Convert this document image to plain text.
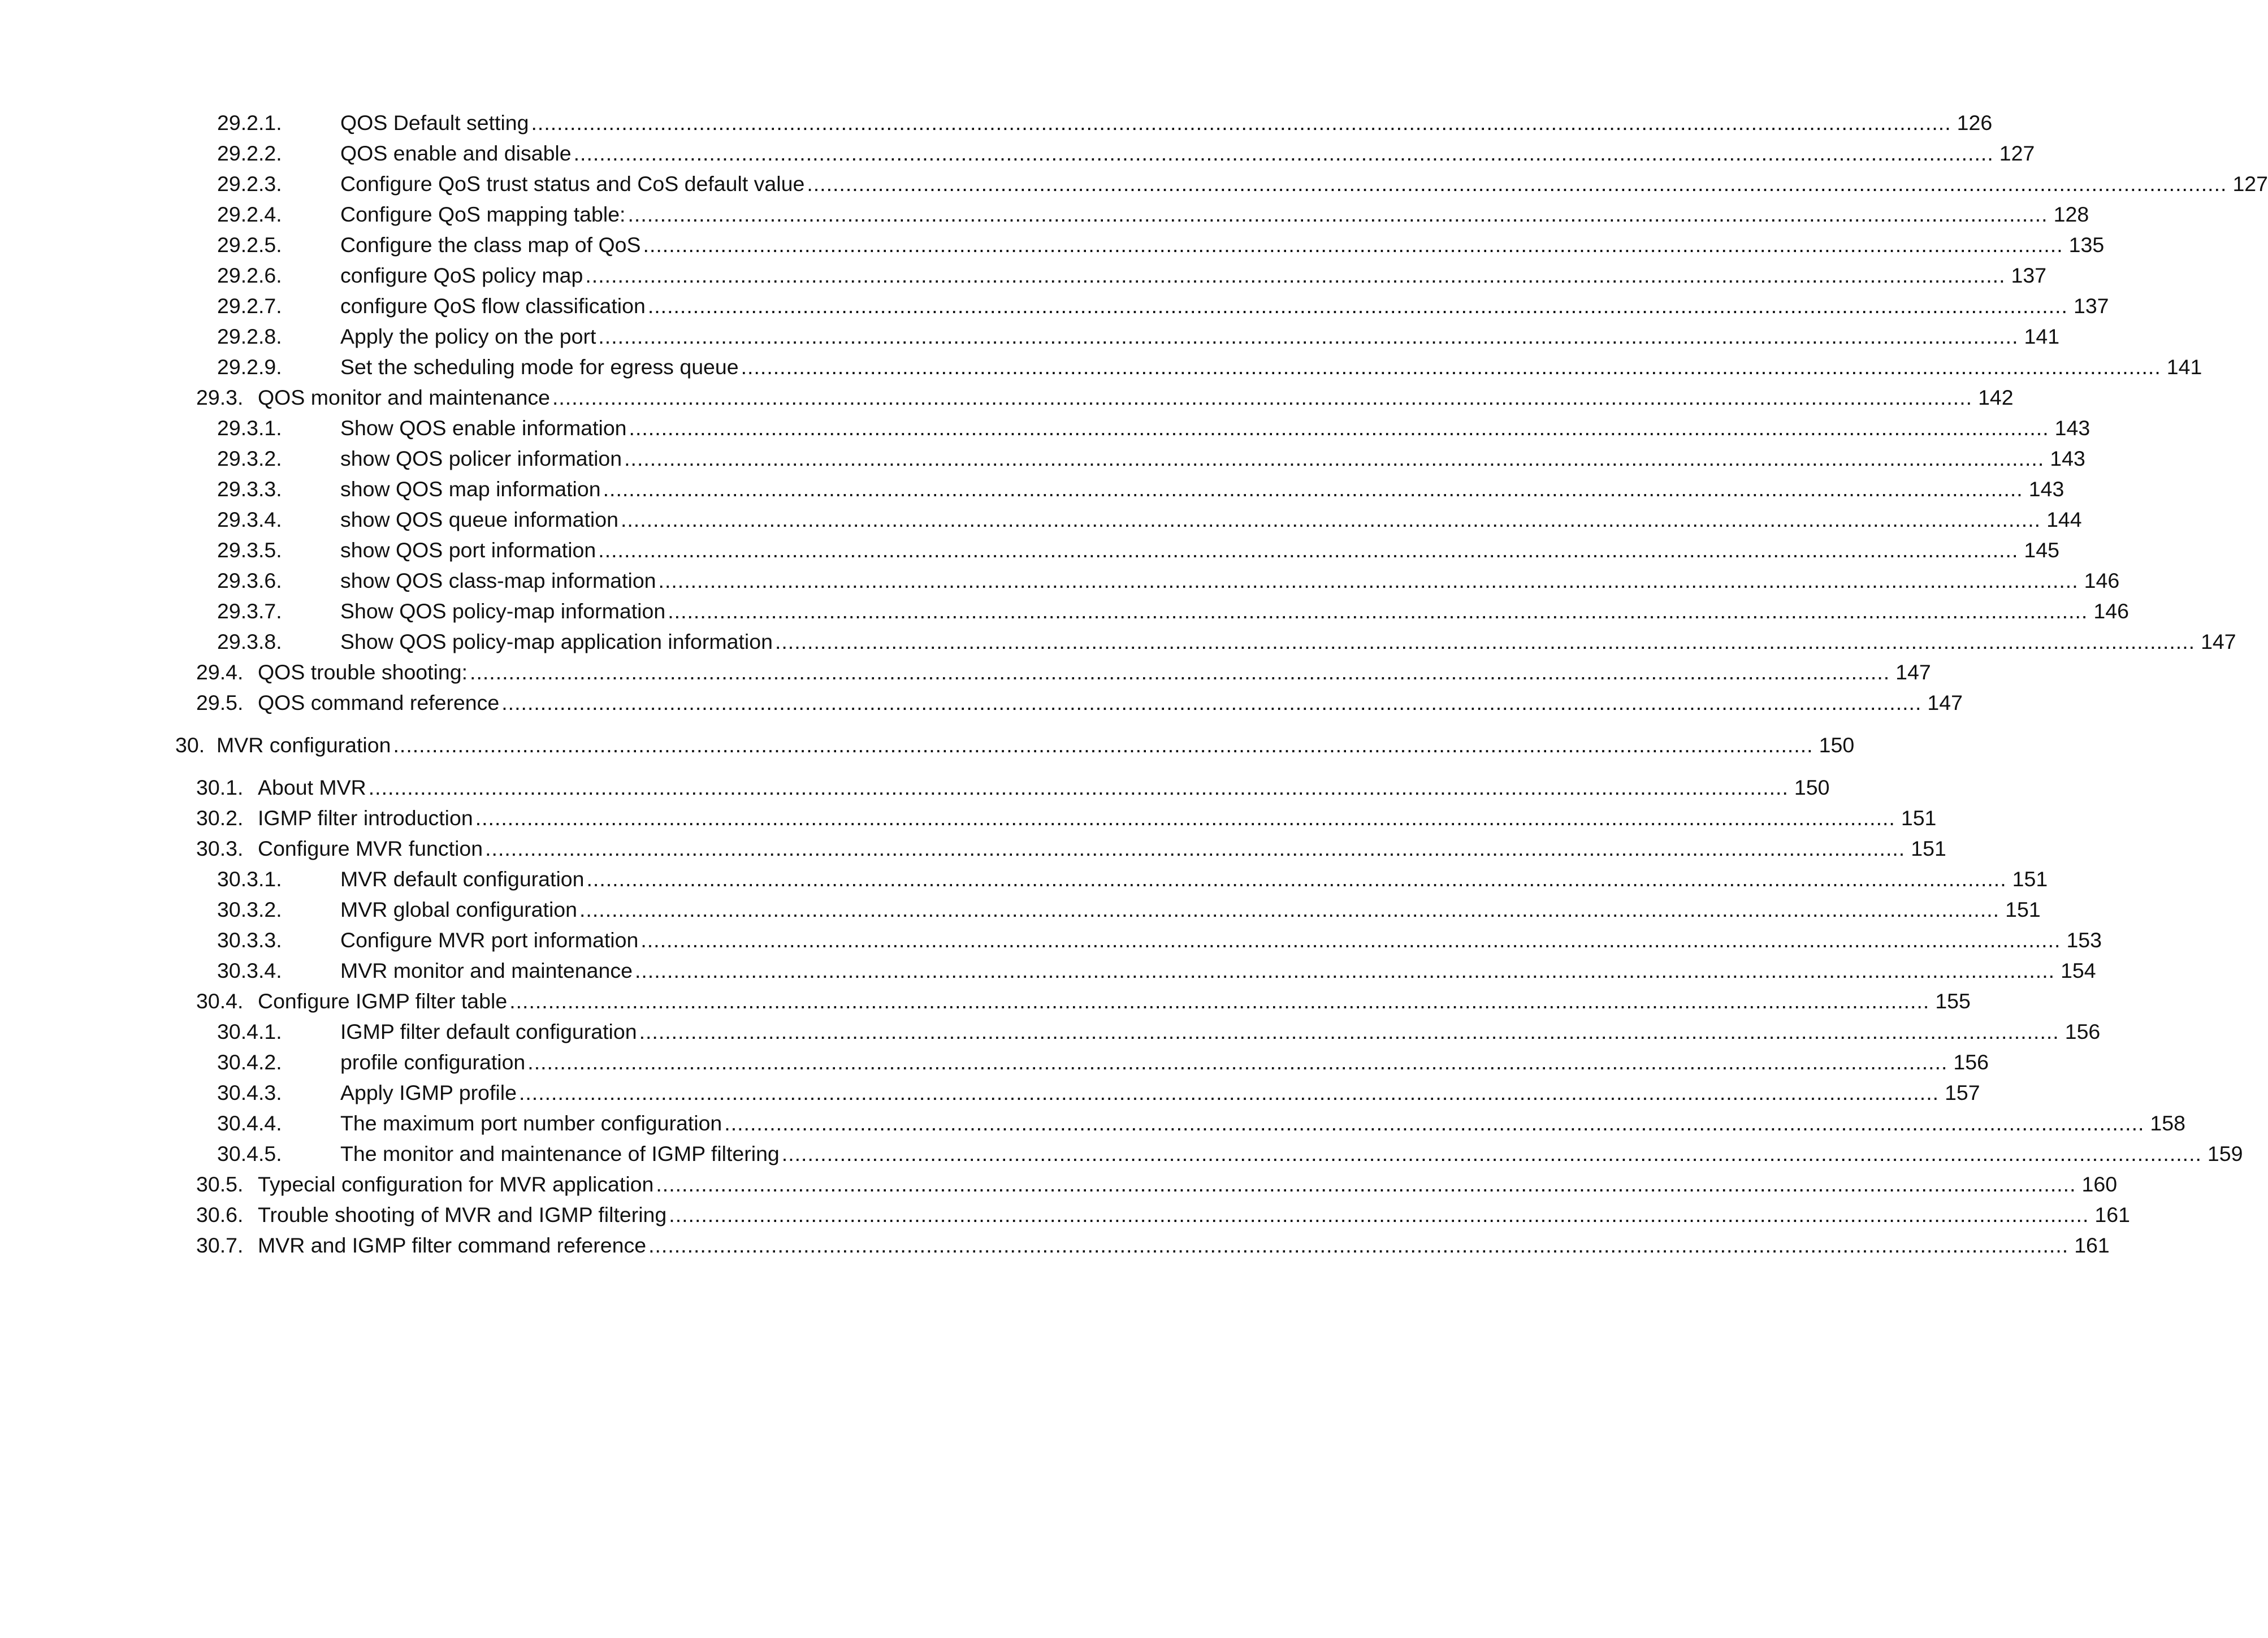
29.2.1.	QOS Default setting ............................................................................................................................................................................................................................ 126
29.2.2.	QOS enable and disable ............................................................................................................................................................................................................................ 127
29.2.3.	Configure QoS trust status and CoS default value ............................................................................................................................................................................................................................ 127
29.2.4.	Configure QoS mapping table: ............................................................................................................................................................................................................................ 128
29.2.5.	Configure the class map of QoS ............................................................................................................................................................................................................................ 135
29.2.6.	configure QoS policy map ............................................................................................................................................................................................................................ 137
29.2.7.	configure QoS flow classification ............................................................................................................................................................................................................................ 137
29.2.8.	Apply the policy on the port ............................................................................................................................................................................................................................ 141
29.2.9.	Set the scheduling mode for egress queue ............................................................................................................................................................................................................................ 141
29.3. QOS monitor and maintenance ............................................................................................................................................................................................................................ 142
29.3.1.	Show QOS enable information ............................................................................................................................................................................................................................ 143
29.3.2.	show QOS policer information ............................................................................................................................................................................................................................ 143
29.3.3.	show QOS map information ............................................................................................................................................................................................................................ 143
29.3.4.	show QOS queue information ............................................................................................................................................................................................................................ 144
29.3.5.	show QOS port information ............................................................................................................................................................................................................................ 145
29.3.6.	show QOS class-map information ............................................................................................................................................................................................................................ 146
29.3.7.	Show QOS policy-map information ............................................................................................................................................................................................................................ 146
29.3.8.	Show QOS policy-map application information ............................................................................................................................................................................................................................ 147
29.4. QOS trouble shooting: ............................................................................................................................................................................................................................ 147
29.5. QOS command reference ............................................................................................................................................................................................................................ 147
30. MVR configuration ............................................................................................................................................................................................................................ 150
30.1. About MVR ............................................................................................................................................................................................................................ 150
30.2. IGMP filter introduction ............................................................................................................................................................................................................................ 151
30.3. Configure MVR function ............................................................................................................................................................................................................................ 151
30.3.1.	MVR default configuration ............................................................................................................................................................................................................................ 151
30.3.2.	MVR global configuration ............................................................................................................................................................................................................................ 151
30.3.3.	Configure MVR port information ............................................................................................................................................................................................................................ 153
30.3.4.	MVR monitor and maintenance ............................................................................................................................................................................................................................ 154
30.4. Configure IGMP filter table ............................................................................................................................................................................................................................ 155
30.4.1.	IGMP filter default configuration ............................................................................................................................................................................................................................ 156
30.4.2.	profile configuration ............................................................................................................................................................................................................................ 156
30.4.3.	Apply IGMP profile ............................................................................................................................................................................................................................ 157
30.4.4.	The maximum port number configuration ............................................................................................................................................................................................................................ 158
30.4.5.	The monitor and maintenance of IGMP filtering ............................................................................................................................................................................................................................ 159
30.5. Typecial configuration for MVR application ............................................................................................................................................................................................................................ 160
30.6. Trouble shooting of MVR and IGMP filtering ............................................................................................................................................................................................................................ 161
30.7. MVR and IGMP filter command reference ............................................................................................................................................................................................................................ 161
